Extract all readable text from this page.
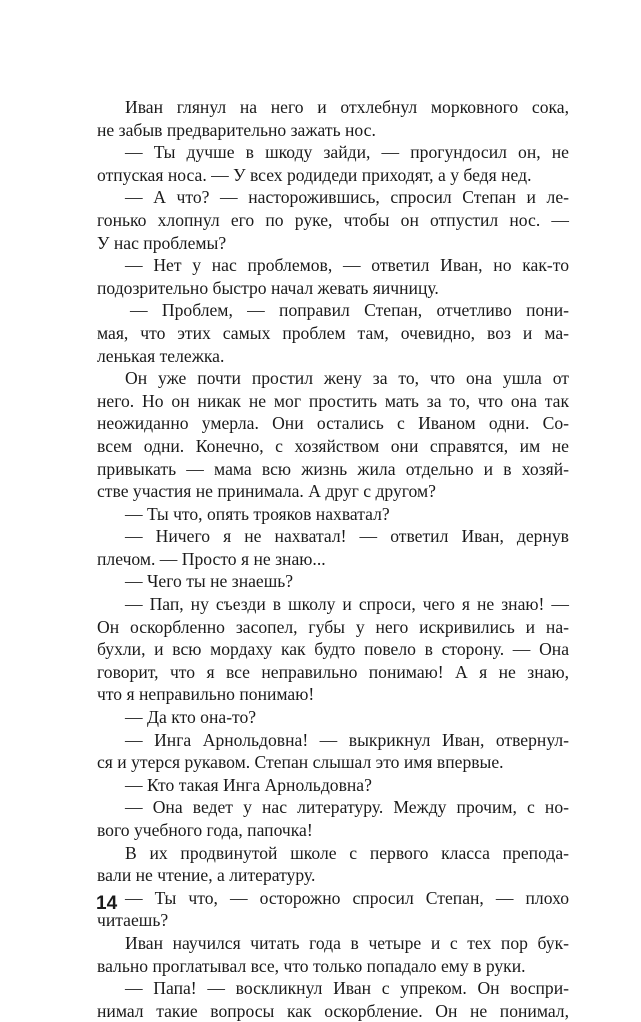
Иван глянул на него и отхлебнул морковного сока,
не забыв предварительно зажать нос.
— Ты дучше в шкоду зайди, — прогундосил он, не
отпуская носа. — У всех родидеди приходят, а у бедя нед.
— А что? — насторожившись, спросил Степан и ле-
гонько хлопнул его по руке, чтобы он отпустил нос. —
У нас проблемы?
— Нет у нас проблемов, — ответил Иван, но как-то
подозрительно быстро начал жевать яичницу.
— Проблем, — поправил Степан, отчетливо пони-
мая, что этих самых проблем там, очевидно, воз и ма-
ленькая тележка.
Он уже почти простил жену за то, что она ушла от
него. Но он никак не мог простить мать за то, что она так
неожиданно умерла. Они остались с Иваном одни. Со-
всем одни. Конечно, с хозяйством они справятся, им не
привыкать — мама всю жизнь жила отдельно и в хозяй-
стве участия не принимала. А друг с другом?
— Ты что, опять трояков нахватал?
— Ничего я не нахватал! — ответил Иван, дернув
плечом. — Просто я не знаю...
— Чего ты не знаешь?
— Пап, ну съезди в школу и спроси, чего я не знаю! —
Он оскорбленно засопел, губы у него искривились и на-
бухли, и всю мордаху как будто повело в сторону. — Она
говорит, что я все неправильно понимаю! А я не знаю,
что я неправильно понимаю!
— Да кто она-то?
— Инга Арнольдовна! — выкрикнул Иван, отвернул-
ся и утерся рукавом. Степан слышал это имя впервые.
— Кто такая Инга Арнольдовна?
— Она ведет у нас литературу. Между прочим, с но-
вого учебного года, папочка!
В их продвинутой школе с первого класса препода-
вали не чтение, а литературу.
— Ты что, — осторожно спросил Степан, — плохо
читаешь?
Иван научился читать года в четыре и с тех пор бук-
вально проглатывал все, что только попадало ему в руки.
— Папа! — воскликнул Иван с упреком. Он воспри-
нимал такие вопросы как оскорбление. Он не понимал,
14
